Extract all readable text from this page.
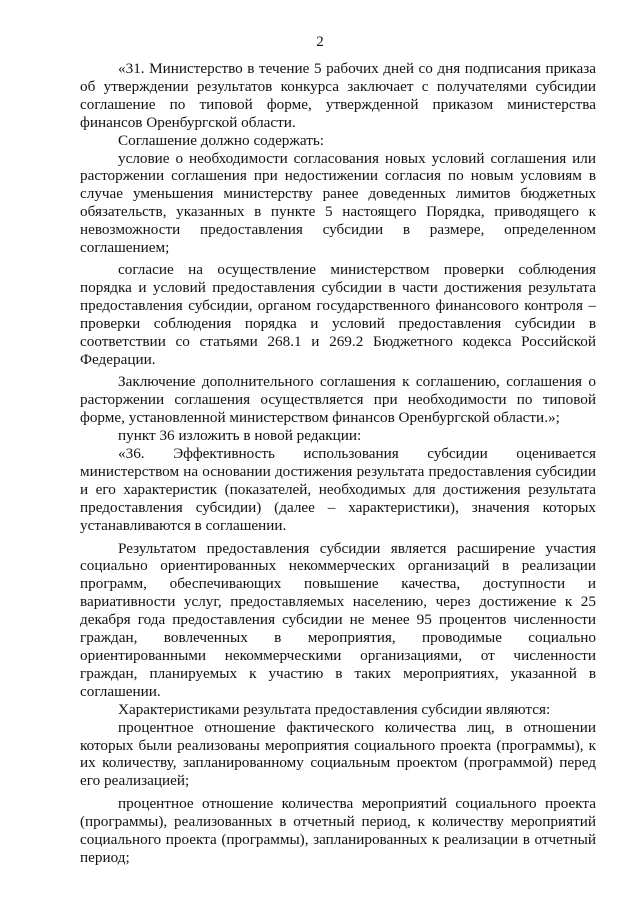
2

«31. Министерство в течение 5 рабочих дней со дня подписания приказа об утверждении результатов конкурса заключает с получателями субсидии соглашение по типовой форме, утвержденной приказом министерства финансов Оренбургской области.

Соглашение должно содержать:

условие о необходимости согласования новых условий соглашения или расторжении соглашения при недостижении согласия по новым условиям в случае уменьшения министерству ранее доведенных лимитов бюджетных обязательств, указанных в пункте 5 настоящего Порядка, приводящего к невозможности предоставления субсидии в размере, определенном соглашением;

согласие на осуществление министерством проверки соблюдения порядка и условий предоставления субсидии в части достижения результата предоставления субсидии, органом государственного финансового контроля – проверки соблюдения порядка и условий предоставления субсидии в соответствии со статьями 268.1 и 269.2 Бюджетного кодекса Российской Федерации.

Заключение дополнительного соглашения к соглашению, соглашения о расторжении соглашения осуществляется при необходимости по типовой форме, установленной министерством финансов Оренбургской области.»;

пункт 36 изложить в новой редакции:

«36. Эффективность использования субсидии оценивается министерством на основании достижения результата предоставления субсидии и его характеристик (показателей, необходимых для достижения результата предоставления субсидии) (далее – характеристики), значения которых устанавливаются в соглашении.

Результатом предоставления субсидии является расширение участия социально ориентированных некоммерческих организаций в реализации программ, обеспечивающих повышение качества, доступности и вариативности услуг, предоставляемых населению, через достижение к 25 декабря года предоставления субсидии не менее 95 процентов численности граждан, вовлеченных в мероприятия, проводимые социально ориентированными некоммерческими организациями, от численности граждан, планируемых к участию в таких мероприятиях, указанной в соглашении.

Характеристиками результата предоставления субсидии являются:

процентное отношение фактического количества лиц, в отношении которых были реализованы мероприятия социального проекта (программы), к их количеству, запланированному социальным проектом (программой) перед его реализацией;

процентное отношение количества мероприятий социального проекта (программы), реализованных в отчетный период, к количеству мероприятий социального проекта (программы), запланированных к реализации в отчетный период;
